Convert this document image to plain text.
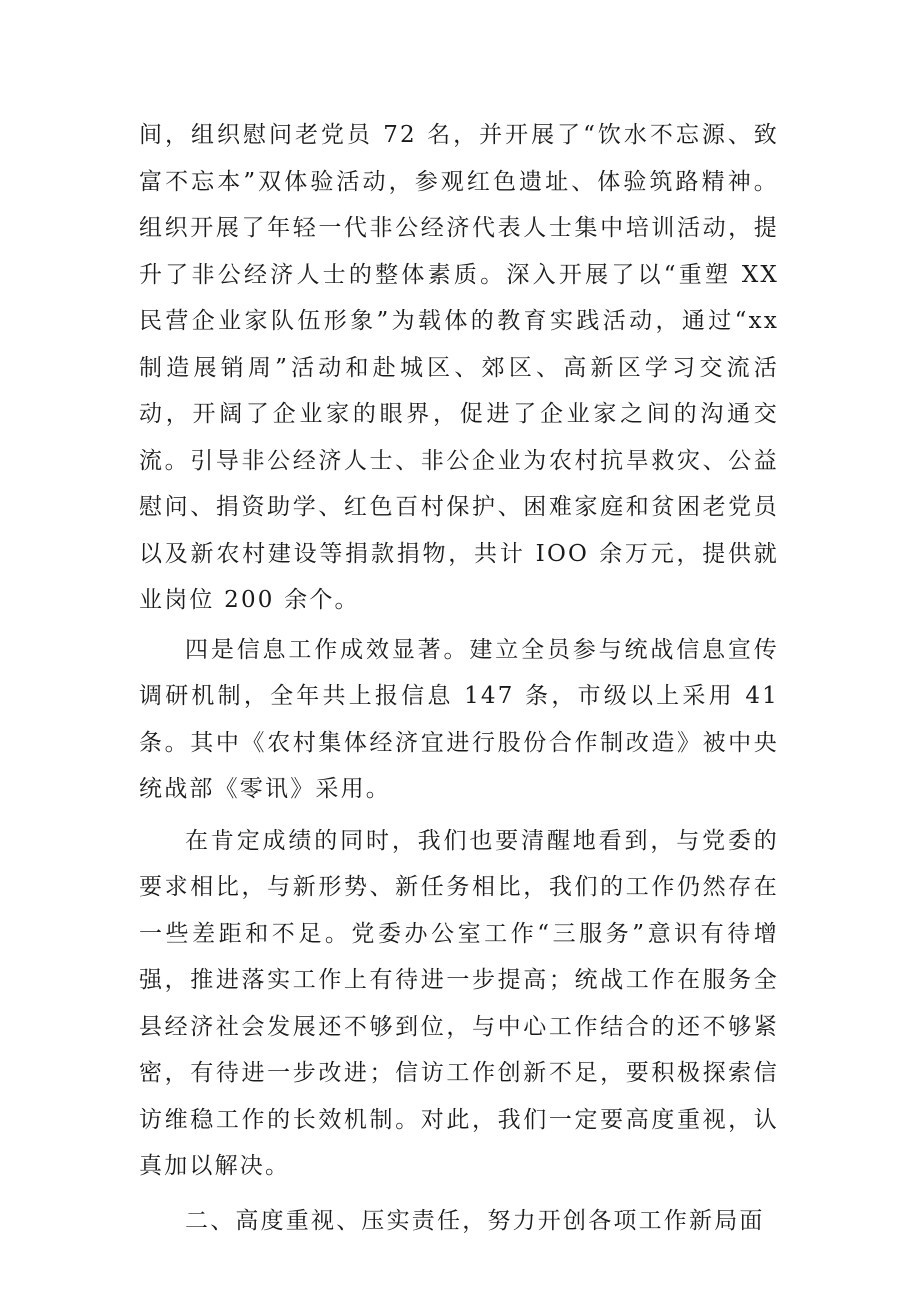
间，组织慰问老党员 72 名，并开展了“饮水不忘源、致富不忘本”双体验活动，参观红色遗址、体验筑路精神。组织开展了年轻一代非公经济代表人士集中培训活动，提升了非公经济人士的整体素质。深入开展了以“重塑 XX 民营企业家队伍形象”为载体的教育实践活动，通过“xx 制造展销周”活动和赴城区、郊区、高新区学习交流活动，开阔了企业家的眼界，促进了企业家之间的沟通交流。引导非公经济人士、非公企业为农村抗旱救灾、公益慰问、捐资助学、红色百村保护、困难家庭和贫困老党员以及新农村建设等捐款捐物，共计 IOO 余万元，提供就业岗位 200 余个。

四是信息工作成效显著。建立全员参与统战信息宣传调研机制，全年共上报信息 147 条，市级以上采用 41 条。其中《农村集体经济宜进行股份合作制改造》被中央统战部《零讯》采用。

在肯定成绩的同时，我们也要清醒地看到，与党委的要求相比，与新形势、新任务相比，我们的工作仍然存在一些差距和不足。党委办公室工作“三服务”意识有待增强，推进落实工作上有待进一步提高；统战工作在服务全县经济社会发展还不够到位，与中心工作结合的还不够紧密，有待进一步改进；信访工作创新不足，要积极探索信访维稳工作的长效机制。对此，我们一定要高度重视，认真加以解决。

二、高度重视、压实责任，努力开创各项工作新局面
